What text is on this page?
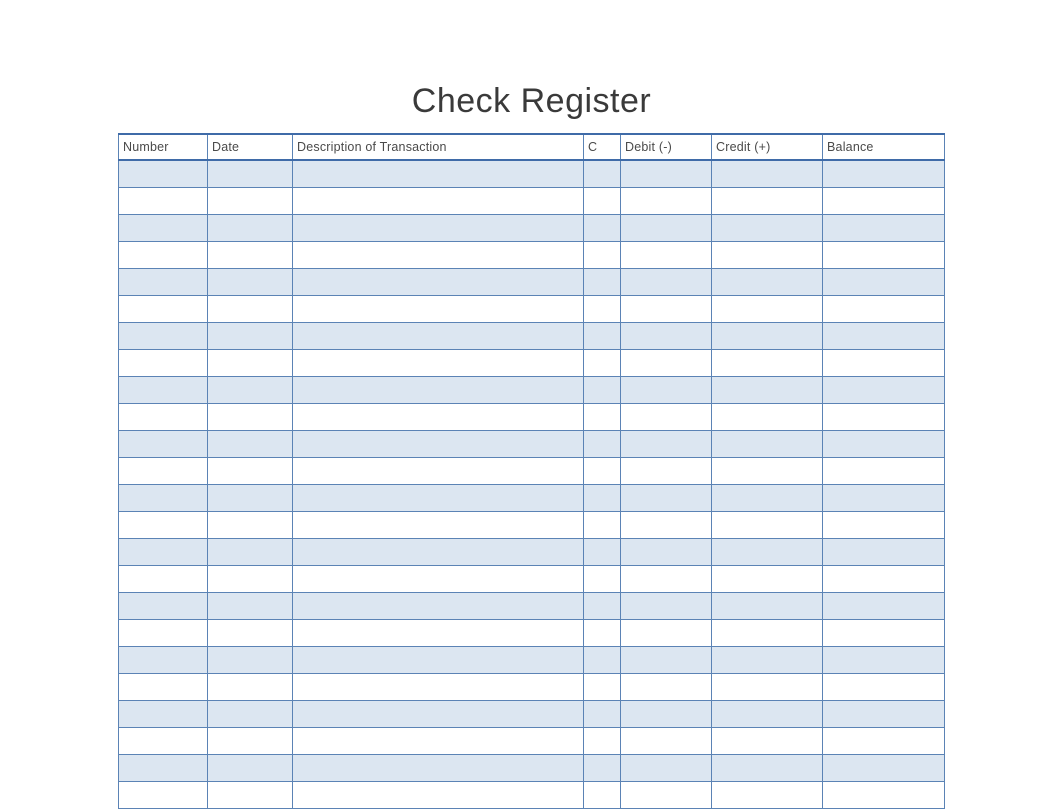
Check Register
Number	Date	Description of Transaction	C	Debit (-)	Credit (+)	Balance
